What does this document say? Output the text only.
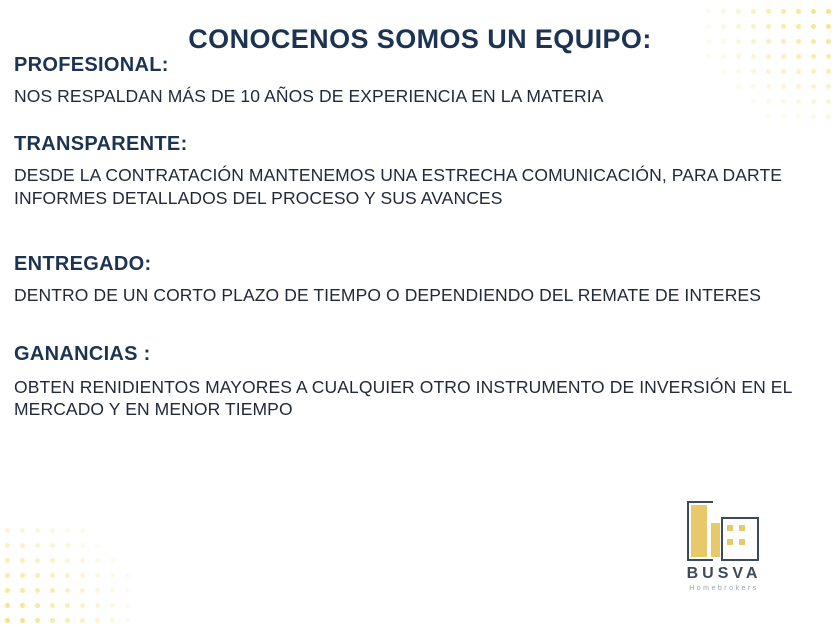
CONOCENOS SOMOS UN EQUIPO:

PROFESIONAL:

NOS RESPALDAN MÁS DE 10 AÑOS DE EXPERIENCIA EN LA MATERIA

TRANSPARENTE:

DESDE LA CONTRATACIÓN MANTENEMOS UNA ESTRECHA COMUNICACIÓN, PARA DARTE INFORMES DETALLADOS DEL PROCESO Y SUS AVANCES

ENTREGADO:

DENTRO DE UN CORTO PLAZO DE TIEMPO O DEPENDIENDO DEL REMATE DE INTERES

GANANCIAS :

OBTEN RENIDIENTOS MAYORES A CUALQUIER OTRO INSTRUMENTO DE INVERSIÓN EN EL MERCADO Y EN MENOR TIEMPO

BUSVA
Homebrokers
